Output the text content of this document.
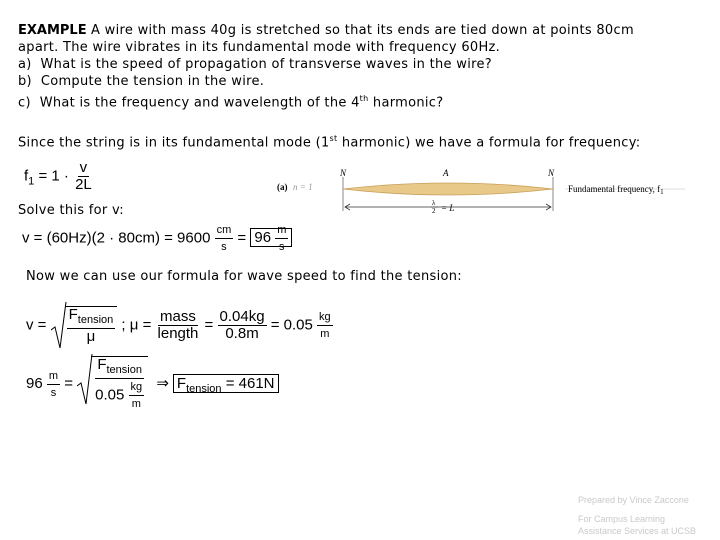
EXAMPLE A wire with mass 40g is stretched so that its ends are tied down at points 80cm
apart. The wire vibrates in its fundamental mode with frequency 60Hz.
a) What is the speed of propagation of transverse waves in the wire?
b) Compute the tension in the wire.
c) What is the frequency and wavelength of the 4th harmonic?
Since the string is in its fundamental mode (1st harmonic) we have a formula for frequency:
$f_1 = 1 \cdot \frac{v}{2L}$	(a) n = 1
N	A	N
Fundamental frequency, $f_1$
λ
2 = L
Solve this for v:
$v = (60Hz)(2 \cdot 80cm) = 9600 \frac{cm}{s} = 96 \frac{m}{s}$
Now we can use our formula for wave speed to find the tension:
$v = \frac{F_{tension}}{\mu}$ ; $\mu = \frac{\text{mass}}{\text{length}} = \frac{0.04kg}{0.8m} = 0.05 \frac{kg}{m}$
$96 \frac{m}{s} = \frac{F_{tension}}{0.05 \frac{kg}{m}}$ ⇒ $F_{tension} = 461N$
Prepared by Vince Zaccone
For Campus Learning
Assistance Services at UCSB
